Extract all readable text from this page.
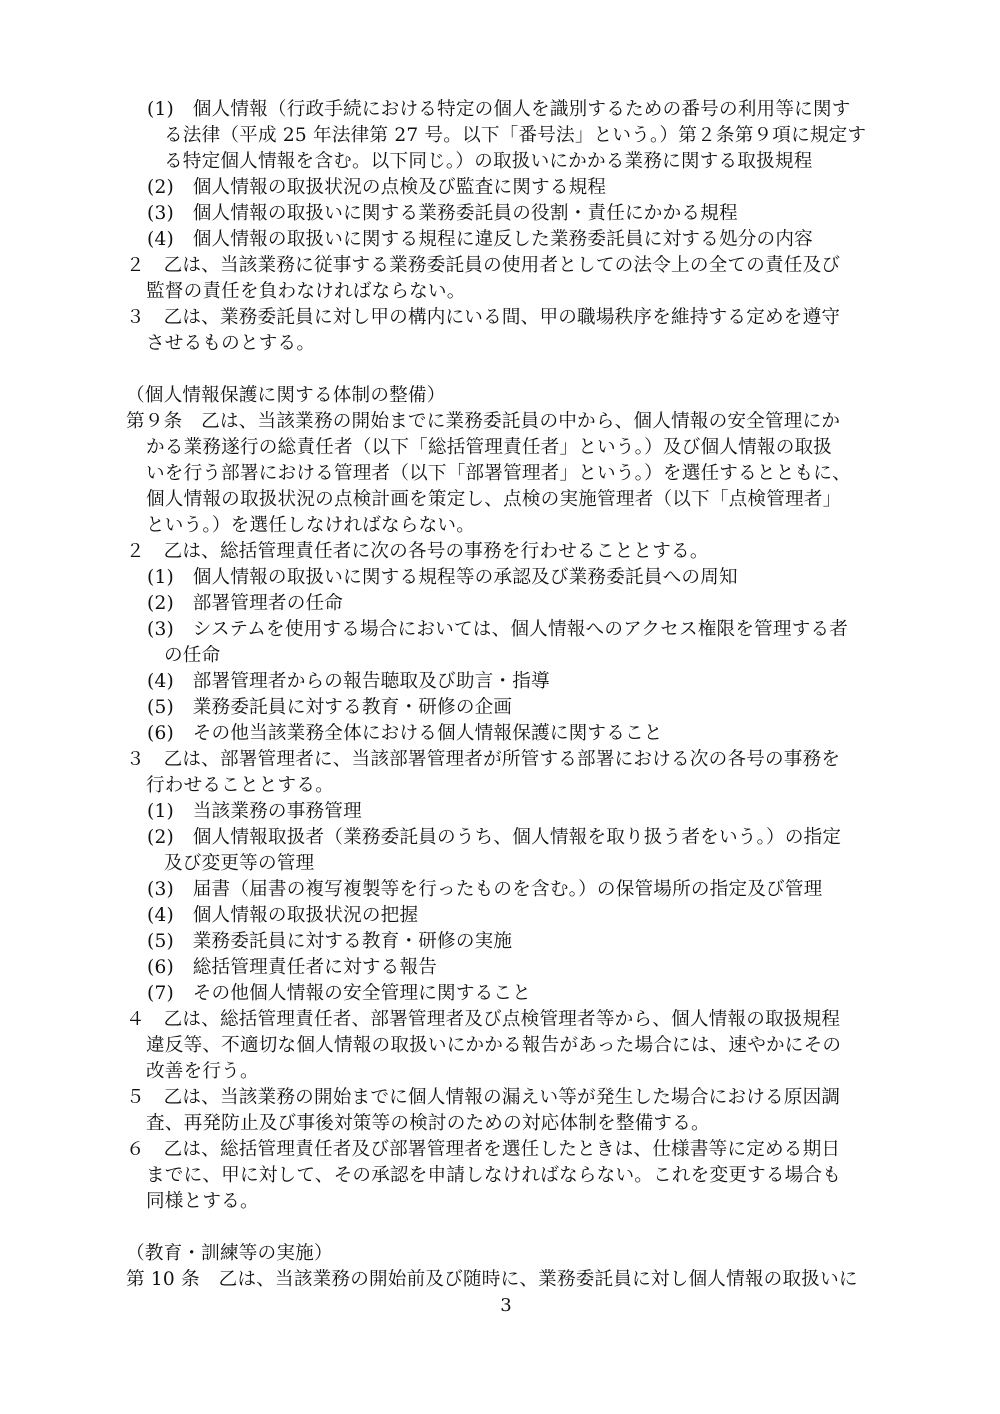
(1)　個人情報（行政手続における特定の個人を識別するための番号の利用等に関す
る法律（平成 25 年法律第 27 号。以下「番号法」という。）第２条第９項に規定す
る特定個人情報を含む。以下同じ。）の取扱いにかかる業務に関する取扱規程
(2)　個人情報の取扱状況の点検及び監査に関する規程
(3)　個人情報の取扱いに関する業務委託員の役割・責任にかかる規程
(4)　個人情報の取扱いに関する規程に違反した業務委託員に対する処分の内容
２　乙は、当該業務に従事する業務委託員の使用者としての法令上の全ての責任及び
監督の責任を負わなければならない。
３　乙は、業務委託員に対し甲の構内にいる間、甲の職場秩序を維持する定めを遵守
させるものとする。
（個人情報保護に関する体制の整備）
第９条　乙は、当該業務の開始までに業務委託員の中から、個人情報の安全管理にか
かる業務遂行の総責任者（以下「総括管理責任者」という。）及び個人情報の取扱
いを行う部署における管理者（以下「部署管理者」という。）を選任するとともに、
個人情報の取扱状況の点検計画を策定し、点検の実施管理者（以下「点検管理者」
という。）を選任しなければならない。
２　乙は、総括管理責任者に次の各号の事務を行わせることとする。
(1)　個人情報の取扱いに関する規程等の承認及び業務委託員への周知
(2)　部署管理者の任命
(3)　システムを使用する場合においては、個人情報へのアクセス権限を管理する者
の任命
(4)　部署管理者からの報告聴取及び助言・指導
(5)　業務委託員に対する教育・研修の企画
(6)　その他当該業務全体における個人情報保護に関すること
３　乙は、部署管理者に、当該部署管理者が所管する部署における次の各号の事務を
行わせることとする。
(1)　当該業務の事務管理
(2)　個人情報取扱者（業務委託員のうち、個人情報を取り扱う者をいう。）の指定
及び変更等の管理
(3)　届書（届書の複写複製等を行ったものを含む。）の保管場所の指定及び管理
(4)　個人情報の取扱状況の把握
(5)　業務委託員に対する教育・研修の実施
(6)　総括管理責任者に対する報告
(7)　その他個人情報の安全管理に関すること
４　乙は、総括管理責任者、部署管理者及び点検管理者等から、個人情報の取扱規程
違反等、不適切な個人情報の取扱いにかかる報告があった場合には、速やかにその
改善を行う。
５　乙は、当該業務の開始までに個人情報の漏えい等が発生した場合における原因調
査、再発防止及び事後対策等の検討のための対応体制を整備する。
６　乙は、総括管理責任者及び部署管理者を選任したときは、仕様書等に定める期日
までに、甲に対して、その承認を申請しなければならない。これを変更する場合も
同様とする。
（教育・訓練等の実施）
第 10 条　乙は、当該業務の開始前及び随時に、業務委託員に対し個人情報の取扱いに
3
